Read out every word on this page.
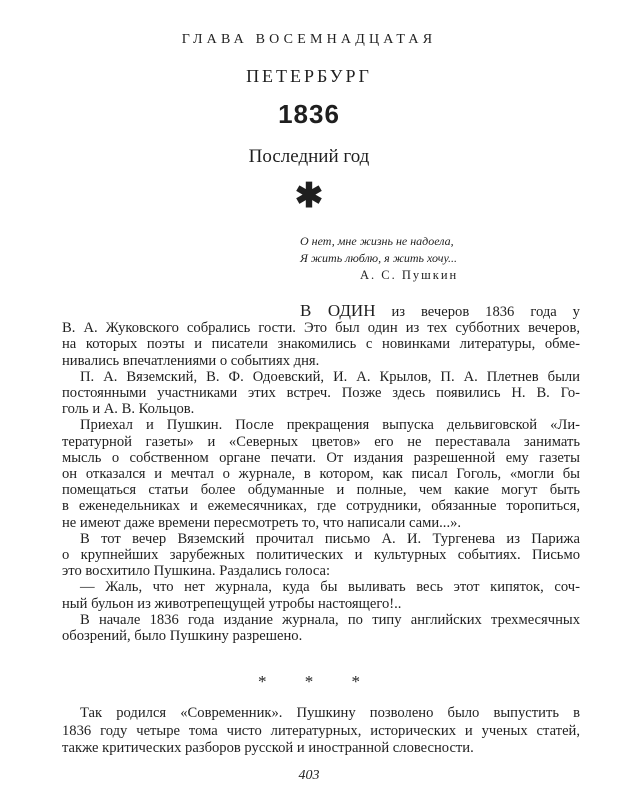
ГЛАВА ВОСЕМНАДЦАТАЯ
ПЕТЕРБУРГ
1836
Последний год
✱
О нет, мне жизнь не надоела,
Я жить люблю, я жить хочу...
А. С. Пушкин
В ОДИН из вечеров 1836 года у
В. А. Жуковского собрались гости. Это был один из тех субботних вечеров,
на которых поэты и писатели знакомились с новинками литературы, обме-
нивались впечатлениями о событиях дня.
П. А. Вяземский, В. Ф. Одоевский, И. А. Крылов, П. А. Плетнев были
постоянными участниками этих встреч. Позже здесь появились Н. В. Го-
голь и А. В. Кольцов.
Приехал и Пушкин. После прекращения выпуска дельвиговской «Ли-
тературной газеты» и «Северных цветов» его не переставала занимать
мысль о собственном органе печати. От издания разрешенной ему газеты
он отказался и мечтал о журнале, в котором, как писал Гоголь, «могли бы
помещаться статьи более обдуманные и полные, чем какие могут быть
в еженедельниках и ежемесячниках, где сотрудники, обязанные торопиться,
не имеют даже времени пересмотреть то, что написали сами...».
В тот вечер Вяземский прочитал письмо А. И. Тургенева из Парижа
о крупнейших зарубежных политических и культурных событиях. Письмо
это восхитило Пушкина. Раздались голоса:
— Жаль, что нет журнала, куда бы выливать весь этот кипяток, соч-
ный бульон из животрепещущей утробы настоящего!..
В начале 1836 года издание журнала, по типу английских трехмесячных
обозрений, было Пушкину разрешено.
* * *
Так родился «Современник». Пушкину позволено было выпустить в
1836 году четыре тома чисто литературных, исторических и ученых статей,
также критических разборов русской и иностранной словесности.
403
